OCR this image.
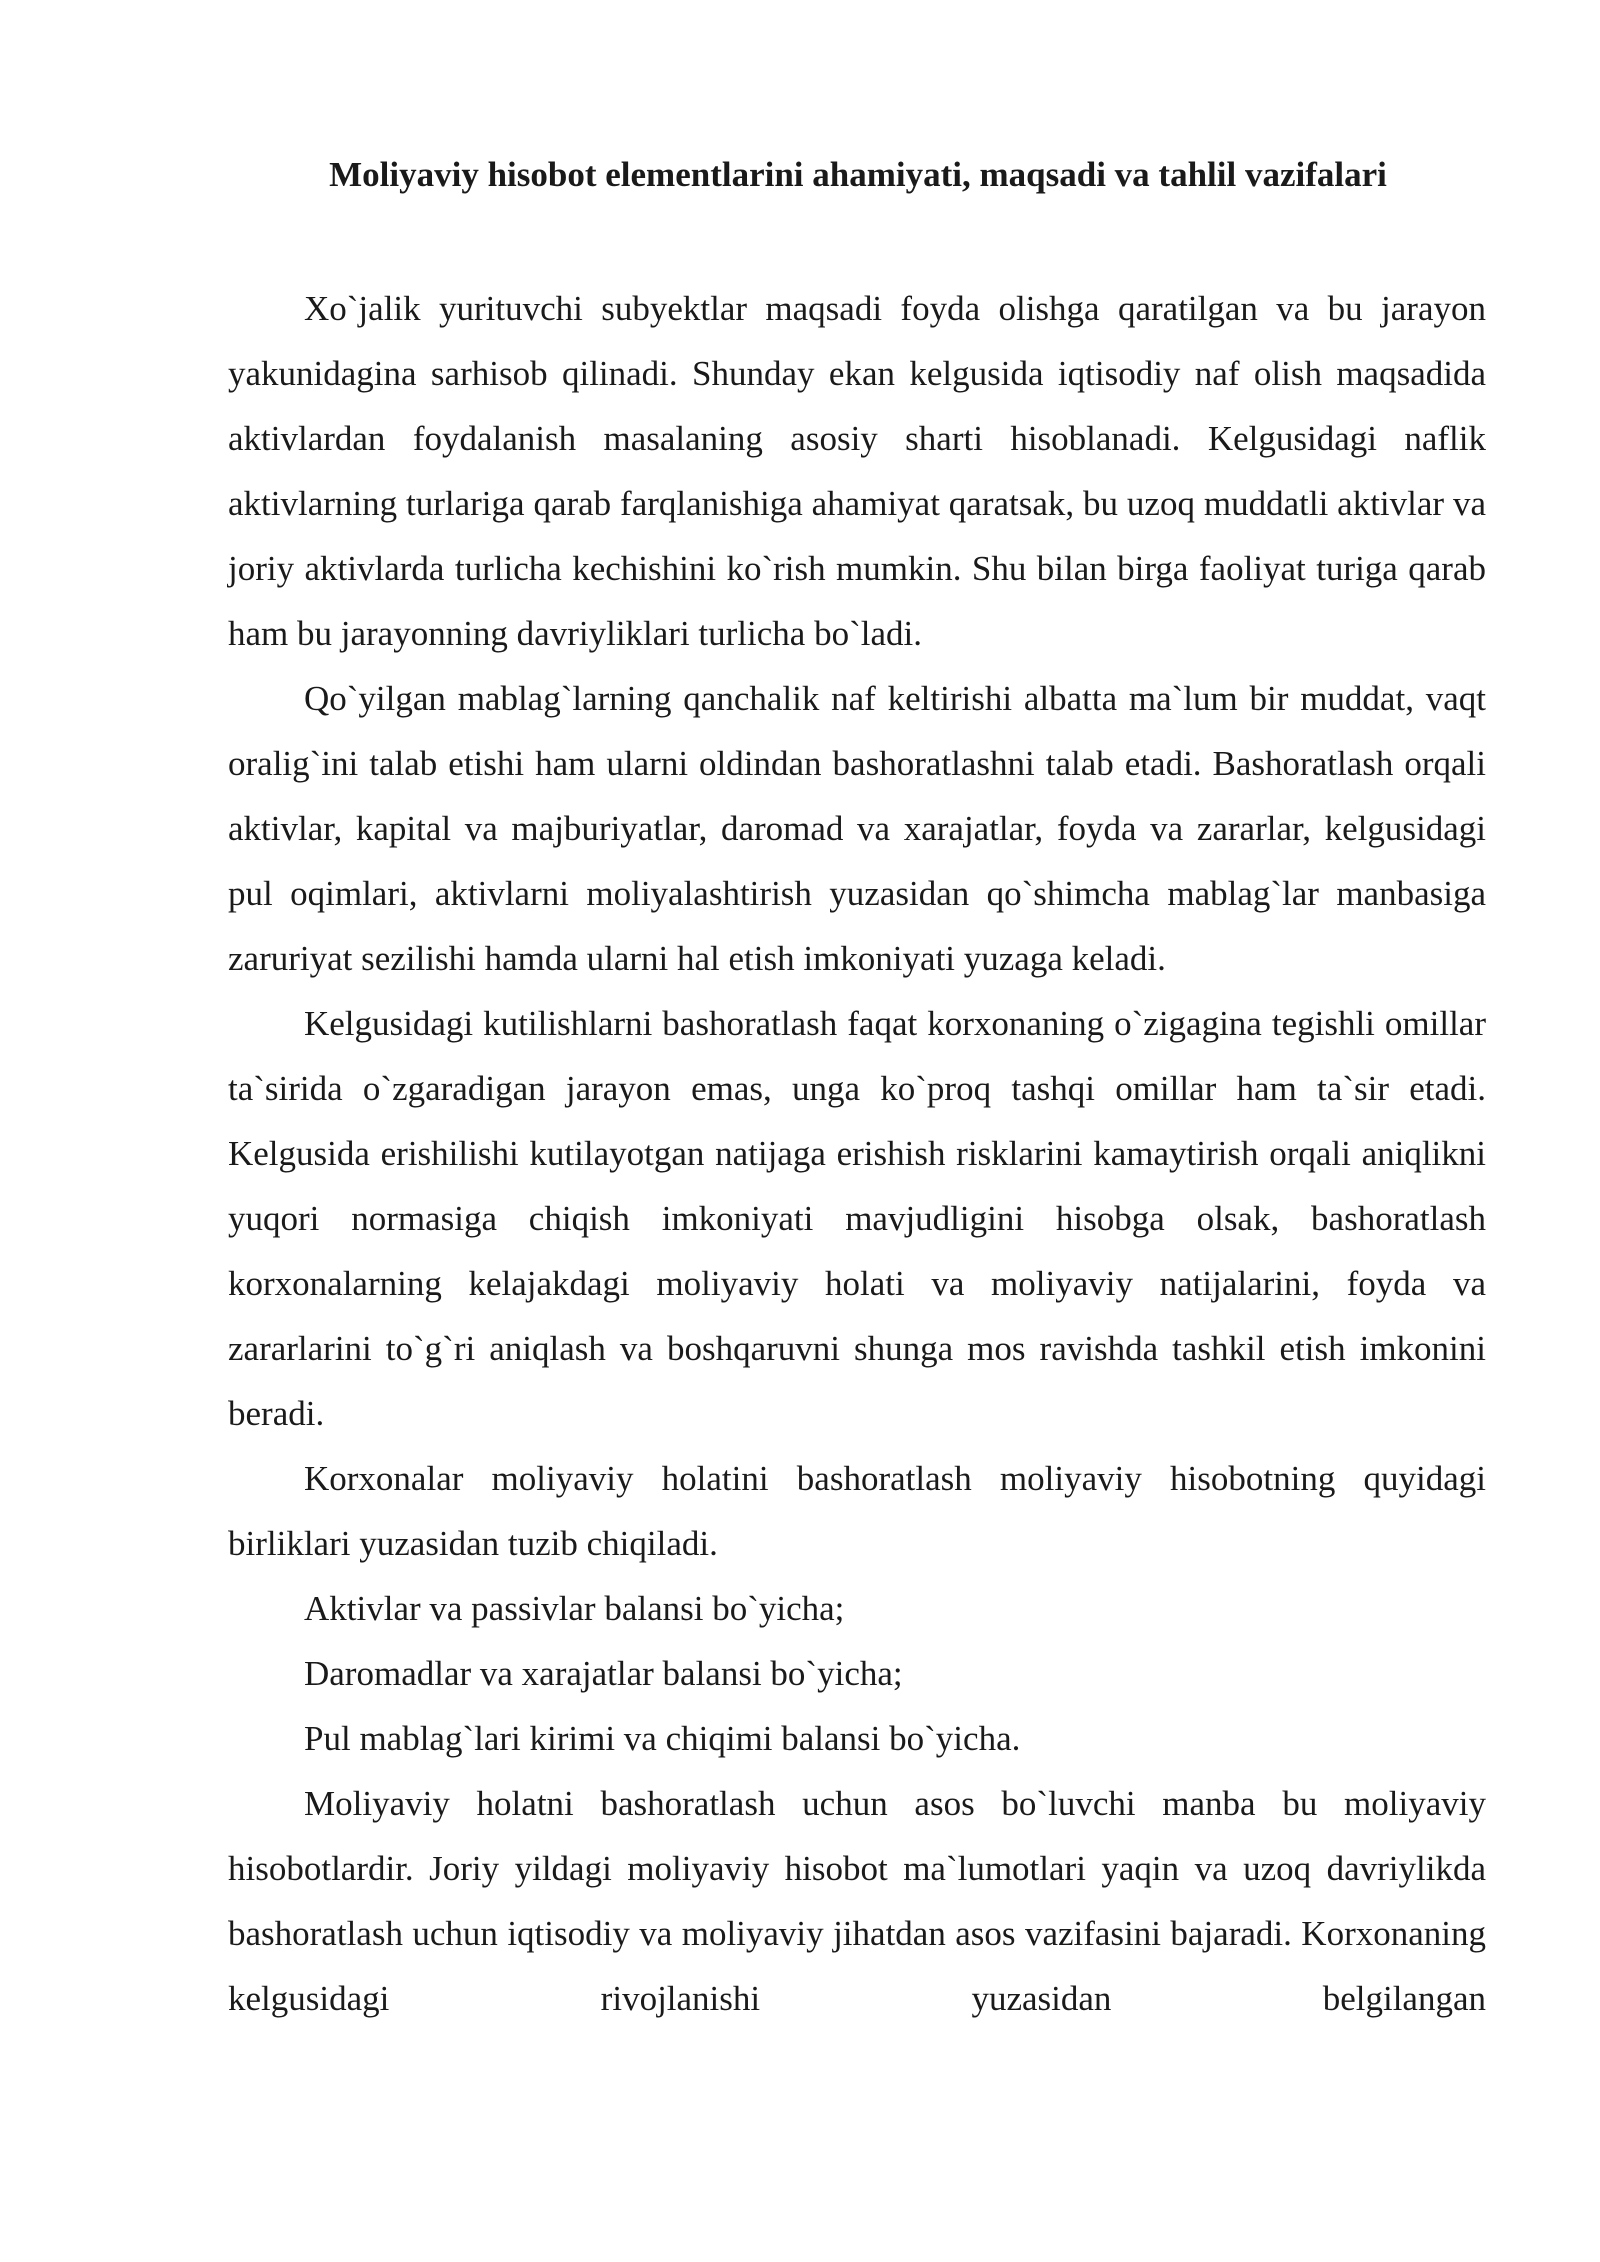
Moliyaviy hisobot elementlarini ahamiyati, maqsadi va tahlil vazifalari

Xo`jalik yurituvchi subyektlar maqsadi foyda olishga qaratilgan va bu jarayon yakunidagina sarhisob qilinadi. Shunday ekan kelgusida iqtisodiy naf olish maqsadida aktivlardan foydalanish masalaning asosiy sharti hisoblanadi. Kelgusidagi naflik aktivlarning turlariga qarab farqlanishiga ahamiyat qaratsak, bu uzoq muddatli aktivlar va joriy aktivlarda turlicha kechishini ko`rish mumkin. Shu bilan birga faoliyat turiga qarab ham bu jarayonning davriyliklari turlicha bo`ladi.

Qo`yilgan mablag`larning qanchalik naf keltirishi albatta ma`lum bir muddat, vaqt oralig`ini talab etishi ham ularni oldindan bashoratlashni talab etadi. Bashoratlash orqali aktivlar, kapital va majburiyatlar, daromad va xarajatlar, foyda va zararlar, kelgusidagi pul oqimlari, aktivlarni moliyalashtirish yuzasidan qo`shimcha mablag`lar manbasiga zaruriyat sezilishi hamda ularni hal etish imkoniyati yuzaga keladi.

Kelgusidagi kutilishlarni bashoratlash faqat korxonaning o`zigagina tegishli omillar ta`sirida o`zgaradigan jarayon emas, unga ko`proq tashqi omillar ham ta`sir etadi. Kelgusida erishilishi kutilayotgan natijaga erishish risklarini kamaytirish orqali aniqlikni yuqori normasiga chiqish imkoniyati mavjudligini hisobga olsak, bashoratlash korxonalarning kelajakdagi moliyaviy holati va moliyaviy natijalarini, foyda va zararlarini to`g`ri aniqlash va boshqaruvni shunga mos ravishda tashkil etish imkonini beradi.

Korxonalar moliyaviy holatini bashoratlash moliyaviy hisobotning quyidagi birliklari yuzasidan tuzib chiqiladi.

Aktivlar va passivlar balansi bo`yicha;

Daromadlar va xarajatlar balansi bo`yicha;

Pul mablag`lari kirimi va chiqimi balansi bo`yicha.

Moliyaviy holatni bashoratlash uchun asos bo`luvchi manba bu moliyaviy hisobotlardir. Joriy yildagi moliyaviy hisobot ma`lumotlari yaqin va uzoq davriylikda bashoratlash uchun iqtisodiy va moliyaviy jihatdan asos vazifasini bajaradi. Korxonaning kelgusidagi rivojlanishi yuzasidan belgilangan
